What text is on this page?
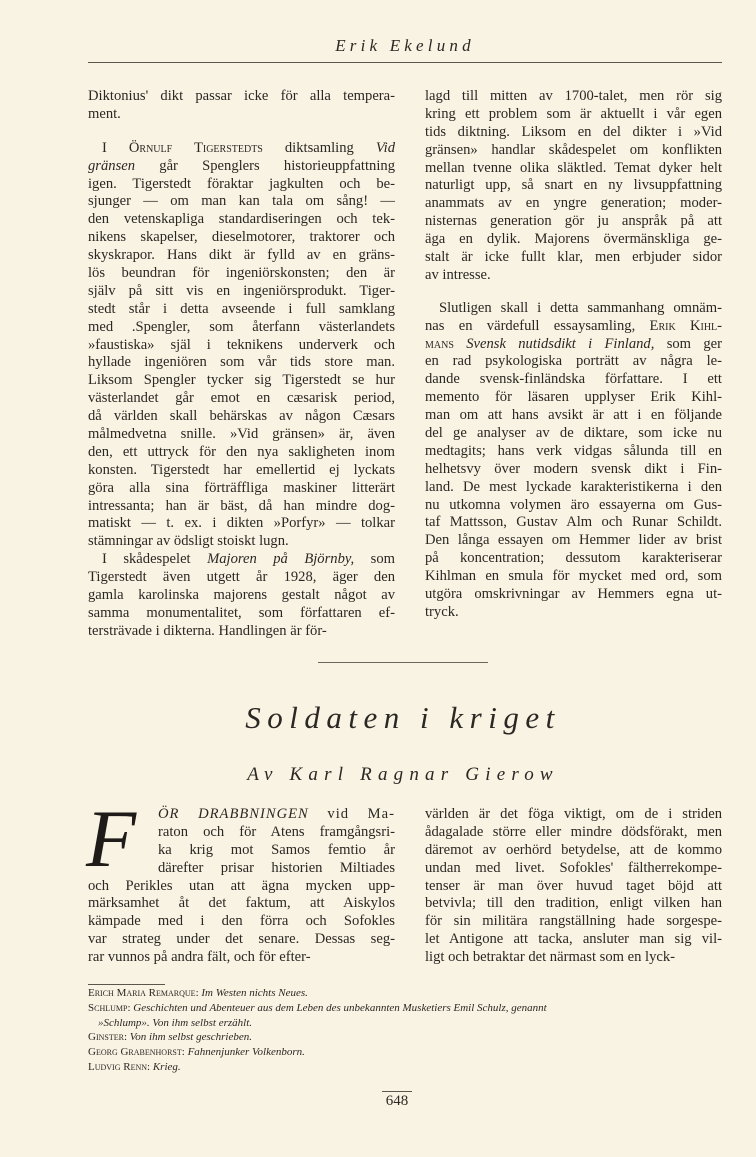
Erik Ekelund
Diktonius' dikt passar icke för alla tempera-
ment.
I Örnulf Tigerstedts diktsamling Vid
gränsen går Spenglers historieuppfattning
igen. Tigerstedt föraktar jagkulten och be-
sjunger — om man kan tala om sång! —
den vetenskapliga standardiseringen och tek-
nikens skapelser, dieselmotorer, traktorer och
skyskrapor. Hans dikt är fylld av en gräns-
lös beundran för ingeniörskonsten; den är
själv på sitt vis en ingeniörsprodukt. Tiger-
stedt står i detta avseende i full samklang
med .Spengler, som återfann västerlandets
»faustiska» själ i teknikens underverk och
hyllade ingeniören som vår tids store man.
Liksom Spengler tycker sig Tigerstedt se hur
västerlandet går emot en cæsarisk period,
då världen skall behärskas av någon Cæsars
målmedvetna snille. »Vid gränsen» är, även
den, ett uttryck för den nya sakligheten inom
konsten. Tigerstedt har emellertid ej lyckats
göra alla sina förträffliga maskiner litterärt
intressanta; han är bäst, då han mindre dog-
matiskt — t. ex. i dikten »Porfyr» — tolkar
stämningar av ödsligt stoiskt lugn.
I skådespelet Majoren på Björnby, som
Tigerstedt även utgett år 1928, äger den
gamla karolinska majorens gestalt något av
samma monumentalitet, som författaren ef-
tersträvade i dikterna. Handlingen är för-
lagd till mitten av 1700-talet, men rör sig
kring ett problem som är aktuellt i vår egen
tids diktning. Liksom en del dikter i »Vid
gränsen» handlar skådespelet om konflikten
mellan tvenne olika släktled. Temat dyker helt
naturligt upp, så snart en ny livsuppfattning
anammats av en yngre generation; moder-
nisternas generation gör ju anspråk på att
äga en dylik. Majorens övermänskliga ge-
stalt är icke fullt klar, men erbjuder sidor
av intresse.
Slutligen skall i detta sammanhang omnäm-
nas en värdefull essaysamling, Erik Kihl-
mans Svensk nutidsdikt i Finland, som ger
en rad psykologiska porträtt av några le-
dande svensk-finländska författare. I ett
memento för läsaren upplyser Erik Kihl-
man om att hans avsikt är att i en följande
del ge analyser av de diktare, som icke nu
medtagits; hans verk vidgas sålunda till en
helhetsvy över modern svensk dikt i Fin-
land. De mest lyckade karakteristikerna i den
nu utkomna volymen äro essayerna om Gus-
taf Mattsson, Gustav Alm och Runar Schildt.
Den långa essayen om Hemmer lider av brist
på koncentration; dessutom karakteriserar
Kihlman en smula för mycket med ord, som
utgöra omskrivningar av Hemmers egna ut-
tryck.
Soldaten i kriget
Av Karl Ragnar Gierow
F	ÖR DRABBNINGEN vid Ma-
raton och för Atens framgångsri-
ka krig mot Samos femtio år
därefter prisar historien Miltiades
och Perikles utan att ägna mycken upp-
märksamhet åt det faktum, att Aiskylos
kämpade med i den förra och Sofokles
var strateg under det senare. Dessas seg-
rar vunnos på andra fält, och för efter-
världen är det föga viktigt, om de i striden
ådagalade större eller mindre dödsförakt, men
däremot av oerhörd betydelse, att de kommo
undan med livet. Sofokles' fältherrekompe-
tenser är man över huvud taget böjd att
betvivla; till den tradition, enligt vilken han
för sin militära rangställning hade sorgespe-
let Antigone att tacka, ansluter man sig vil-
ligt och betraktar det närmast som en lyck-
Erich Maria Remarque: Im Westen nichts Neues.
Schlump: Geschichten und Abenteuer aus dem Leben des unbekannten Musketiers Emil Schulz, genannt
»Schlump». Von ihm selbst erzählt.
Ginster: Von ihm selbst geschrieben.
Georg Grabenhorst: Fahnenjunker Volkenborn.
Ludvig Renn: Krieg.
648
